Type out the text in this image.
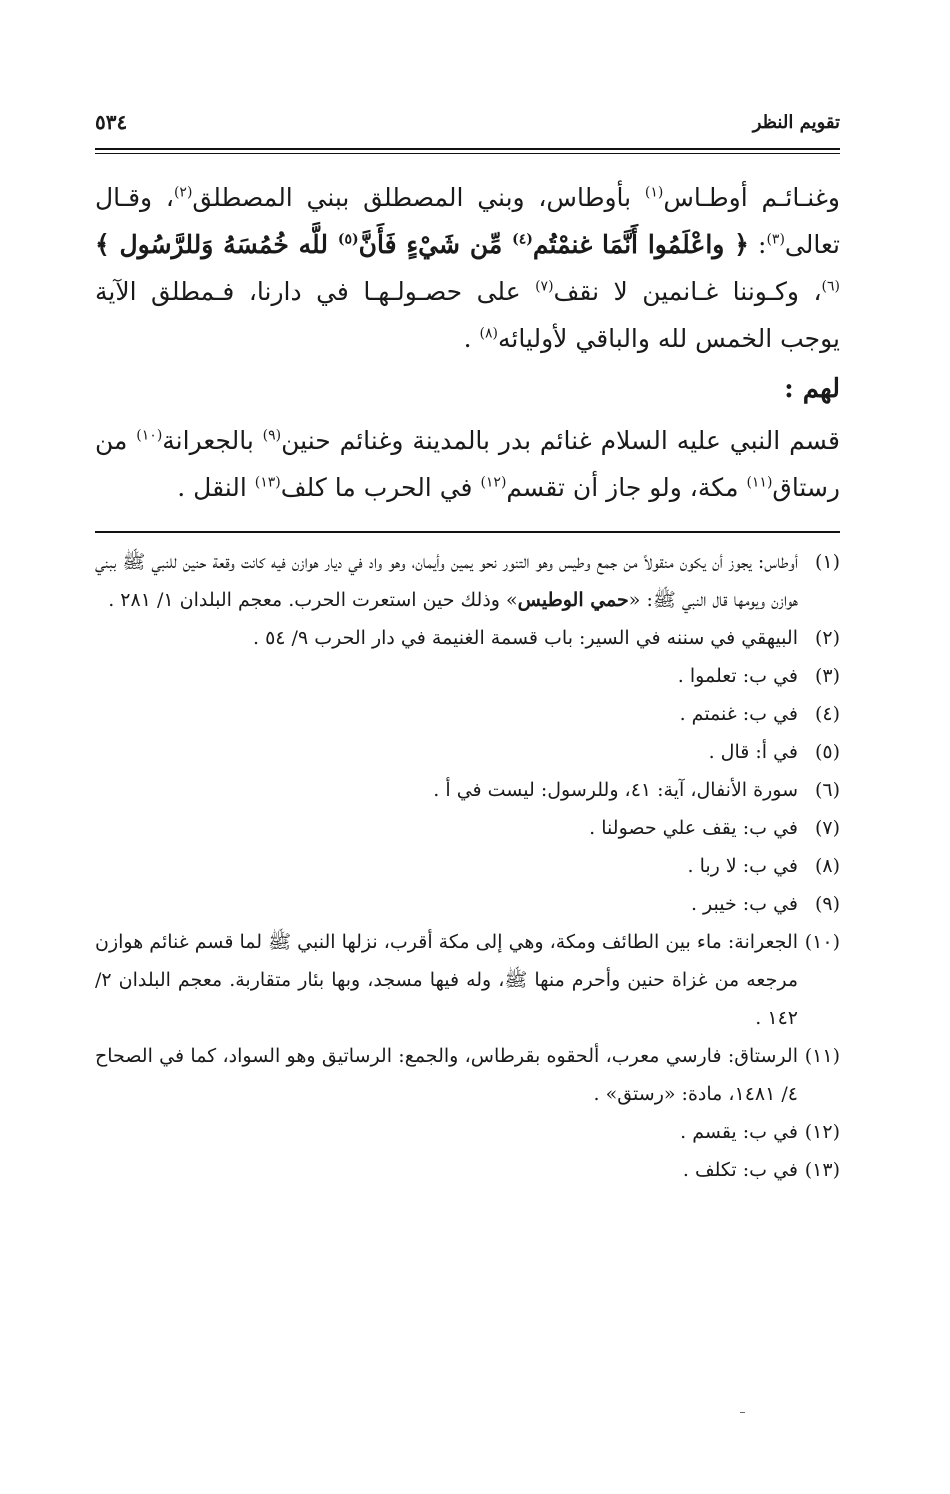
تقويم النظر
٥٣٤

وغنـائـم أوطـاس$^{(١)}$ بأوطاس، وبني المصطلق ببني المصطلق$^{(٢)}$، وقـال تعالى$^{(٣)}$: ﴿ واعْلَمُوا أَنَّمَا غنمْتُم$^{(٤)}$ مِّن شَيْءٍ فَأَنَّ$^{(٥)}$ للَّه خُمُسَهُ وَللرَّسُول ﴾$^{(٦)}$، وكـوننا غـانمين لا نقف$^{(٧)}$ على حصـولـهـا في دارنا، فـمطلق الآية يوجب الخمس لله والباقي لأوليائه$^{(٨)}$ .

لهم :

قسم النبي عليه السلام غنائم بدر بالمدينة وغنائم حنين$^{(٩)}$ بالجعرانة$^{(١٠)}$ من رستاق$^{(١١)}$ مكة، ولو جاز أن تقسم$^{(١٢)}$ في الحرب ما كلف$^{(١٣)}$ النقل .

(١)
أوطاس: يجوز أن يكون منقولاً من جمع وطيس وهو التنور نحو يمين وأيمان، وهو واد في ديار هوازن فيه كانت وقعة حنين للنبي ﷺ ببني هوازن ويومها قال النبي ﷺ: «حمي الوطيس» وذلك حين استعرت الحرب. معجم البلدان ١/ ٢٨١ .
(٢)
البيهقي في سننه في السير: باب قسمة الغنيمة في دار الحرب ٩/ ٥٤ .
(٣)
في ب: تعلموا .
(٤)
في ب: غنمتم .
(٥)
في أ: قال .
(٦)
سورة الأنفال، آية: ٤١، وللرسول: ليست في أ .
(٧)
في ب: يقف علي حصولنا .
(٨)
في ب: لا ربا .
(٩)
في ب: خيبر .
(١٠)
الجعرانة: ماء بين الطائف ومكة، وهي إلى مكة أقرب، نزلها النبي ﷺ لما قسم غنائم هوازن مرجعه من غزاة حنين وأحرم منها ﷺ، وله فيها مسجد، وبها بئار متقاربة. معجم البلدان ٢/ ١٤٢ .
(١١)
الرستاق: فارسي معرب، ألحقوه بقرطاس، والجمع: الرساتيق وهو السواد، كما في الصحاح ٤/ ١٤٨١، مادة: «رستق» .
(١٢)
في ب: يقسم .
(١٣)
في ب: تكلف .
